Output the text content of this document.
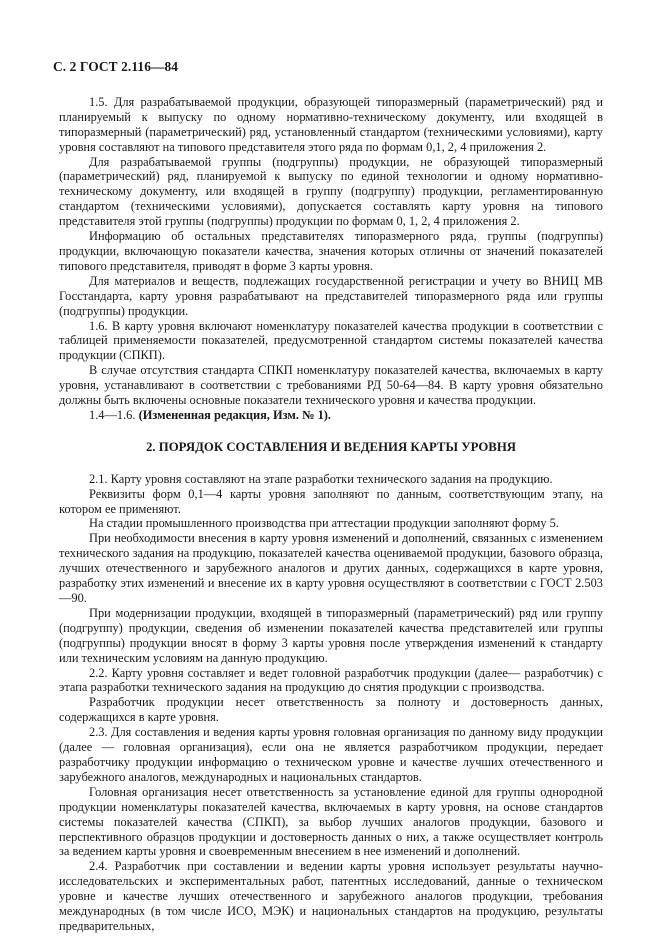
С. 2 ГОСТ 2.116—84

1.5. Для разрабатываемой продукции, образующей типоразмерный (параметрический) ряд и планируемый к выпуску по одному нормативно-техническому документу, или входящей в типоразмерный (параметрический) ряд, установленный стандартом (техническими условиями), карту уровня составляют на типового представителя этого ряда по формам 0,1, 2, 4 приложения 2.

Для разрабатываемой группы (подгруппы) продукции, не образующей типоразмерный (параметрический) ряд, планируемой к выпуску по единой технологии и одному нормативно-техническому документу, или входящей в группу (подгруппу) продукции, регламентированную стандартом (техническими условиями), допускается составлять карту уровня на типового представителя этой группы (подгруппы) продукции по формам 0, 1, 2, 4 приложения 2.

Информацию об остальных представителях типоразмерного ряда, группы (подгруппы) продукции, включающую показатели качества, значения которых отличны от значений показателей типового представителя, приводят в форме 3 карты уровня.

Для материалов и веществ, подлежащих государственной регистрации и учету во ВНИЦ МВ Госстандарта, карту уровня разрабатывают на представителей типоразмерного ряда или группы (подгруппы) продукции.

1.6. В карту уровня включают номенклатуру показателей качества продукции в соответствии с таблицей применяемости показателей, предусмотренной стандартом системы показателей качества продукции (СПКП).

В случае отсутствия стандарта СПКП номенклатуру показателей качества, включаемых в карту уровня, устанавливают в соответствии с требованиями РД 50-64—84. В карту уровня обязательно должны быть включены основные показатели технического уровня и качества продукции.

1.4—1.6. (Измененная редакция, Изм. № 1).

2. ПОРЯДОК СОСТАВЛЕНИЯ И ВЕДЕНИЯ КАРТЫ УРОВНЯ

2.1. Карту уровня составляют на этапе разработки технического задания на продукцию.

Реквизиты форм 0,1—4 карты уровня заполняют по данным, соответствующим этапу, на котором ее применяют.

На стадии промышленного производства при аттестации продукции заполняют форму 5.

При необходимости внесения в карту уровня изменений и дополнений, связанных с изменением технического задания на продукцию, показателей качества оцениваемой продукции, базового образца, лучших отечественного и зарубежного аналогов и других данных, содержащихся в карте уровня, разработку этих изменений и внесение их в карту уровня осуществляют в соответствии с ГОСТ 2.503—90.

При модернизации продукции, входящей в типоразмерный (параметрический) ряд или группу (подгруппу) продукции, сведения об изменении показателей качества представителей или группы (подгруппы) продукции вносят в форму 3 карты уровня после утверждения изменений к стандарту или техническим условиям на данную продукцию.

2.2. Карту уровня составляет и ведет головной разработчик продукции (далее— разработчик) с этапа разработки технического задания на продукцию до снятия продукции с производства.

Разработчик продукции несет ответственность за полноту и достоверность данных, содержащихся в карте уровня.

2.3. Для составления и ведения карты уровня головная организация по данному виду продукции (далее — головная организация), если она не является разработчиком продукции, передает разработчику продукции информацию о техническом уровне и качестве лучших отечественного и зарубежного аналогов, международных и национальных стандартов.

Головная организация несет ответственность за установление единой для группы однородной продукции номенклатуры показателей качества, включаемых в карту уровня, на основе стандартов системы показателей качества (СПКП), за выбор лучших аналогов продукции, базового и перспективного образцов продукции и достоверность данных о них, а также осуществляет контроль за ведением карты уровня и своевременным внесением в нее изменений и дополнений.

2.4. Разработчик при составлении и ведении карты уровня использует результаты научно-исследовательских и экспериментальных работ, патентных исследований, данные о техническом уровне и качестве лучших отечественного и зарубежного аналогов продукции, требования международных (в том числе ИСО, МЭК) и национальных стандартов на продукцию, результаты предварительных,
